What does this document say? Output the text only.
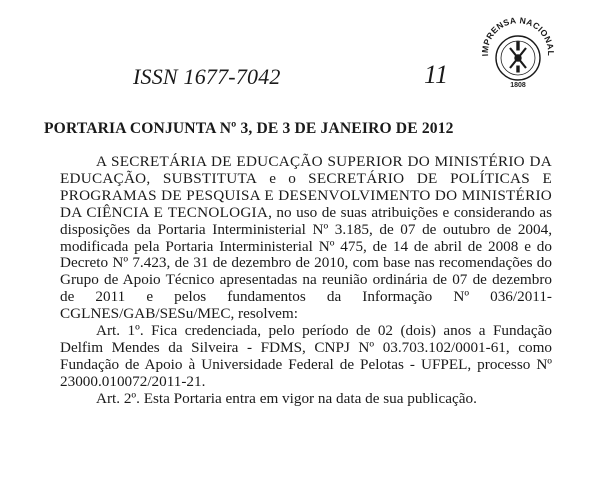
ISSN 1677-7042	11
IMPRENSA NACIONAL
1808
PORTARIA CONJUNTA Nº 3, DE 3 DE JANEIRO DE 2012

A SECRETÁRIA DE EDUCAÇÃO SUPERIOR DO MINISTÉRIO DA EDUCAÇÃO, SUBSTITUTA e o SECRETÁRIO DE POLÍTICAS E PROGRAMAS DE PESQUISA E DESENVOLVIMENTO DO MINISTÉRIO DA CIÊNCIA E TECNOLOGIA, no uso de suas atribuições e considerando as disposições da Portaria Interministerial Nº 3.185, de 07 de outubro de 2004, modificada pela Portaria Interministerial Nº 475, de 14 de abril de 2008 e do Decreto Nº 7.423, de 31 de dezembro de 2010, com base nas recomendações do Grupo de Apoio Técnico apresentadas na reunião ordinária de 07 de dezembro de 2011 e pelos fundamentos da Informação Nº 036/2011-CGLNES/GAB/SESu/MEC, resolvem:

Art. 1º. Fica credenciada, pelo período de 02 (dois) anos a Fundação Delfim Mendes da Silveira - FDMS, CNPJ Nº 03.703.102/0001-61, como Fundação de Apoio à Universidade Federal de Pelotas - UFPEL, processo Nº 23000.010072/2011-21.

Art. 2º. Esta Portaria entra em vigor na data de sua publicação.
